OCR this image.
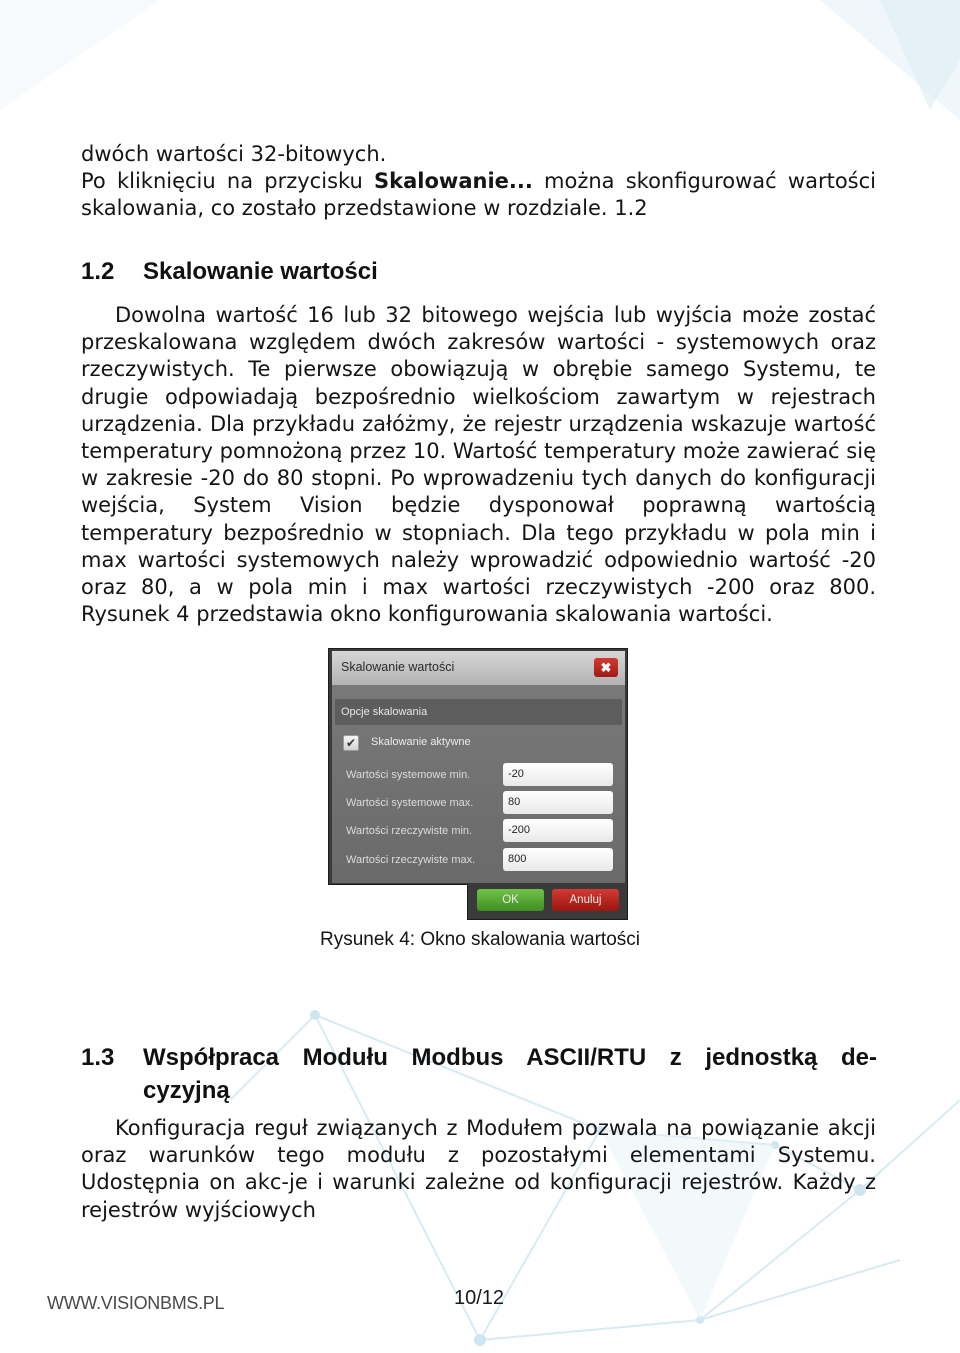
dwóch wartości 32-bitowych.
Po kliknięciu na przycisku Skalowanie... można skonfigurować wartości skalowania, co zostało przedstawione w rozdziale. 1.2
1.2 Skalowanie wartości
Dowolna wartość 16 lub 32 bitowego wejścia lub wyjścia może zostać przeskalowana względem dwóch zakresów wartości - systemowych oraz rzeczywistych. Te pierwsze obowiązują w obrębie samego Systemu, te drugie odpowiadają bezpośrednio wielkościom zawartym w rejestrach urządzenia. Dla przykładu załóżmy, że rejestr urządzenia wskazuje wartość temperatury pomnożoną przez 10. Wartość temperatury może zawierać się w zakresie -20 do 80 stopni. Po wprowadzeniu tych danych do konfiguracji wejścia, System Vision będzie dysponował poprawną wartością temperatury bezpośrednio w stopniach. Dla tego przykładu w pola min i max wartości systemowych należy wprowadzić odpowiednio wartość -20 oraz 80, a w pola min i max wartości rzeczywistych -200 oraz 800. Rysunek 4 przedstawia okno konfigurowania skalowania wartości.
Skalowanie wartości	✖
Opcje skalowania
✔ Skalowanie aktywne
Wartości systemowe min.	-20
Wartości systemowe max.	80
Wartości rzeczywiste min.	-200
Wartości rzeczywiste max.	800
OK	Anuluj
Rysunek 4: Okno skalowania wartości
1.3 Współpraca Modułu Modbus ASCII/RTU z jednostką de-
cyzyjną
Konfiguracja reguł związanych z Modułem pozwala na powiązanie akcji oraz warunków tego modułu z pozostałymi elementami Systemu. Udostępnia on akc-je i warunki zależne od konfiguracji rejestrów. Każdy z rejestrów wyjściowych
WWW.VISIONBMS.PL	10/12
